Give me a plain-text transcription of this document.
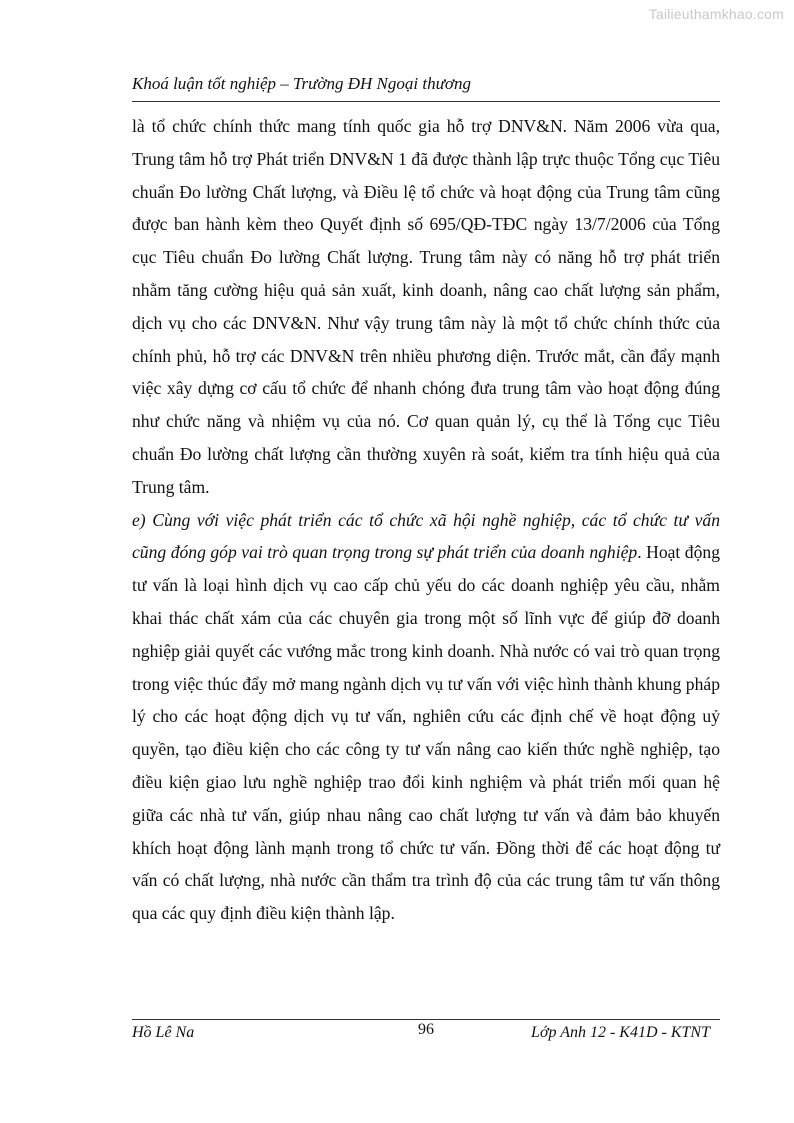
Tailieuthamkhao.com
Khoá luận tốt nghiệp – Trường ĐH Ngoại thương

là tổ chức chính thức mang tính quốc gia hỗ trợ DNV&N. Năm 2006 vừa qua, Trung tâm hỗ trợ Phát triển DNV&N 1 đã được thành lập trực thuộc Tổng cục Tiêu chuẩn Đo lường Chất lượng, và Điều lệ tổ chức và hoạt động của Trung tâm cũng được ban hành kèm theo Quyết định số 695/QĐ-TĐC ngày 13/7/2006 của Tổng cục Tiêu chuẩn Đo lường Chất lượng. Trung tâm này có năng hỗ trợ phát triển nhằm tăng cường hiệu quả sản xuất, kinh doanh, nâng cao chất lượng sản phẩm, dịch vụ cho các DNV&N. Như vậy trung tâm này là một tổ chức chính thức của chính phủ, hỗ trợ các DNV&N trên nhiều phương diện. Trước mắt, cần đẩy mạnh việc xây dựng cơ cấu tổ chức để nhanh chóng đưa trung tâm vào hoạt động đúng như chức năng và nhiệm vụ của nó. Cơ quan quản lý, cụ thể là Tổng cục Tiêu chuẩn Đo lường chất lượng cần thường xuyên rà soát, kiểm tra tính hiệu quả của Trung tâm.

e) Cùng với việc phát triển các tổ chức xã hội nghề nghiệp, các tổ chức tư vấn cũng đóng góp vai trò quan trọng trong sự phát triển của doanh nghiệp. Hoạt động tư vấn là loại hình dịch vụ cao cấp chủ yếu do các doanh nghiệp yêu cầu, nhằm khai thác chất xám của các chuyên gia trong một số lĩnh vực để giúp đỡ doanh nghiệp giải quyết các vướng mắc trong kinh doanh. Nhà nước có vai trò quan trọng trong việc thúc đẩy mở mang ngành dịch vụ tư vấn với việc hình thành khung pháp lý cho các hoạt động dịch vụ tư vấn, nghiên cứu các định chế về hoạt động uỷ quyền, tạo điều kiện cho các công ty tư vấn nâng cao kiến thức nghề nghiệp, tạo điều kiện giao lưu nghề nghiệp trao đổi kinh nghiệm và phát triển mối quan hệ giữa các nhà tư vấn, giúp nhau nâng cao chất lượng tư vấn và đảm bảo khuyến khích hoạt động lành mạnh trong tổ chức tư vấn. Đồng thời để các hoạt động tư vấn có chất lượng, nhà nước cần thẩm tra trình độ của các trung tâm tư vấn thông qua các quy định điều kiện thành lập.

Hồ Lê Na	96	Lớp Anh 12 - K41D - KTNT
